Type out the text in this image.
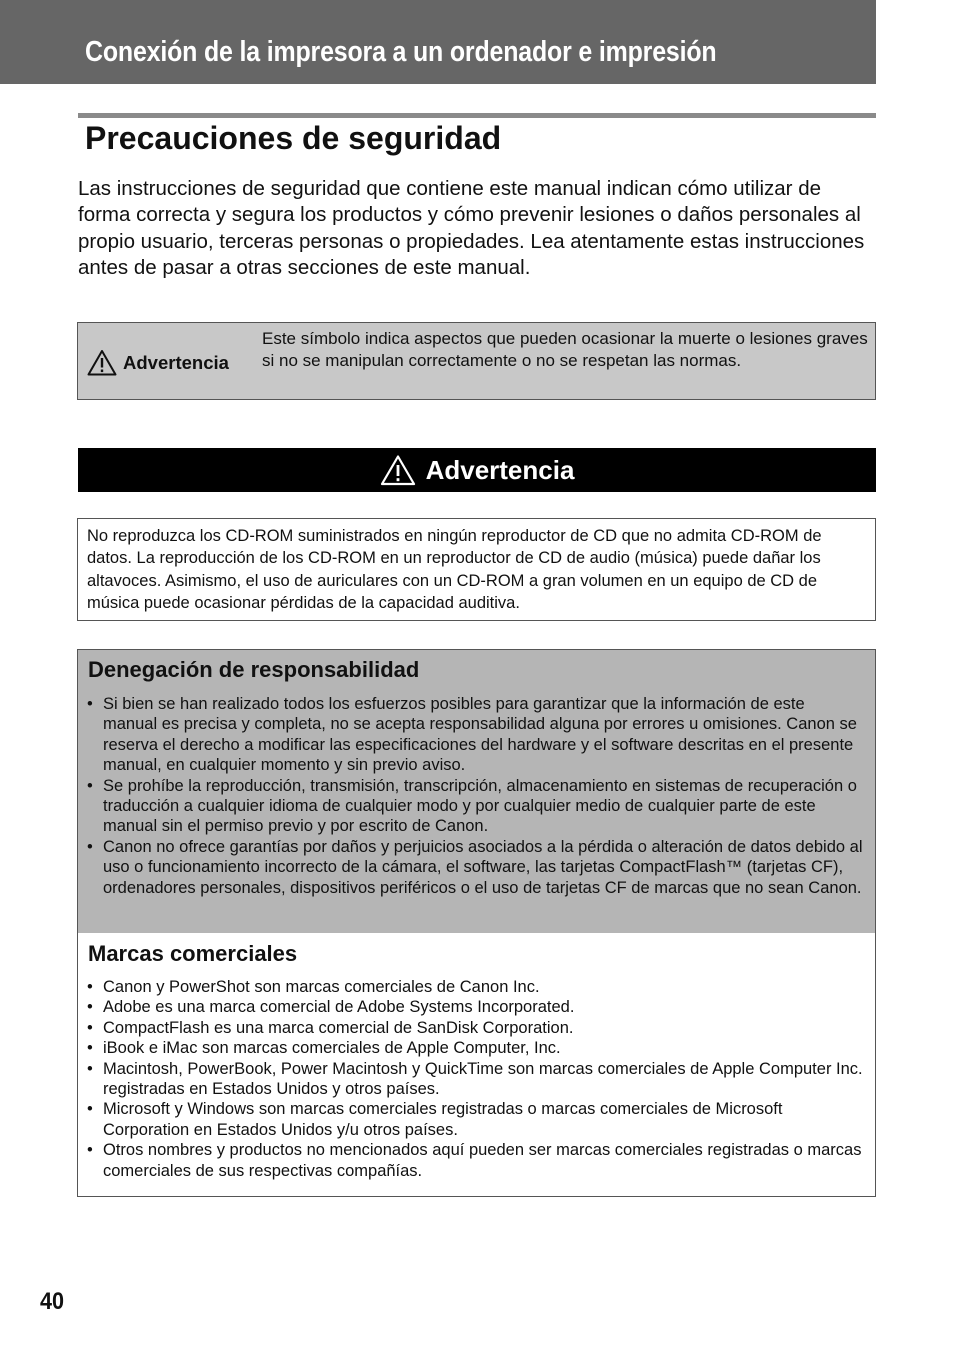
Conexión de la impresora a un ordenador e impresión
Precauciones de seguridad

Las instrucciones de seguridad que contiene este manual indican cómo utilizar de forma correcta y segura los productos y cómo prevenir lesiones o daños personales al propio usuario, terceras personas o propiedades. Lea atentamente estas instrucciones antes de pasar a otras secciones de este manual.

Advertencia

Este símbolo indica aspectos que pueden ocasionar la muerte o lesiones graves si no se manipulan correctamente o no se respetan las normas.

Advertencia

No reproduzca los CD-ROM suministrados en ningún reproductor de CD que no admita CD-ROM de datos. La reproducción de los CD-ROM en un reproductor de CD de audio (música) puede dañar los altavoces. Asimismo, el uso de auriculares con un CD-ROM a gran volumen en un equipo de CD de música puede ocasionar pérdidas de la capacidad auditiva.

Denegación de responsabilidad
• Si bien se han realizado todos los esfuerzos posibles para garantizar que la información de este manual es precisa y completa, no se acepta responsabilidad alguna por errores u omisiones. Canon se reserva el derecho a modificar las especificaciones del hardware y el software descritas en el presente manual, en cualquier momento y sin previo aviso.
• Se prohíbe la reproducción, transmisión, transcripción, almacenamiento en sistemas de recuperación o traducción a cualquier idioma de cualquier modo y por cualquier medio de cualquier parte de este manual sin el permiso previo y por escrito de Canon.
• Canon no ofrece garantías por daños y perjuicios asociados a la pérdida o alteración de datos debido al uso o funcionamiento incorrecto de la cámara, el software, las tarjetas CompactFlash™ (tarjetas CF), ordenadores personales, dispositivos periféricos o el uso de tarjetas CF de marcas que no sean Canon.
Marcas comerciales
• Canon y PowerShot son marcas comerciales de Canon Inc.
• Adobe es una marca comercial de Adobe Systems Incorporated.
• CompactFlash es una marca comercial de SanDisk Corporation.
• iBook e iMac son marcas comerciales de Apple Computer, Inc.
• Macintosh, PowerBook, Power Macintosh y QuickTime son marcas comerciales de Apple Computer Inc. registradas en Estados Unidos y otros países.
• Microsoft y Windows son marcas comerciales registradas o marcas comerciales de Microsoft Corporation en Estados Unidos y/u otros países.
• Otros nombres y productos no mencionados aquí pueden ser marcas comerciales registradas o marcas comerciales de sus respectivas compañías.
40
